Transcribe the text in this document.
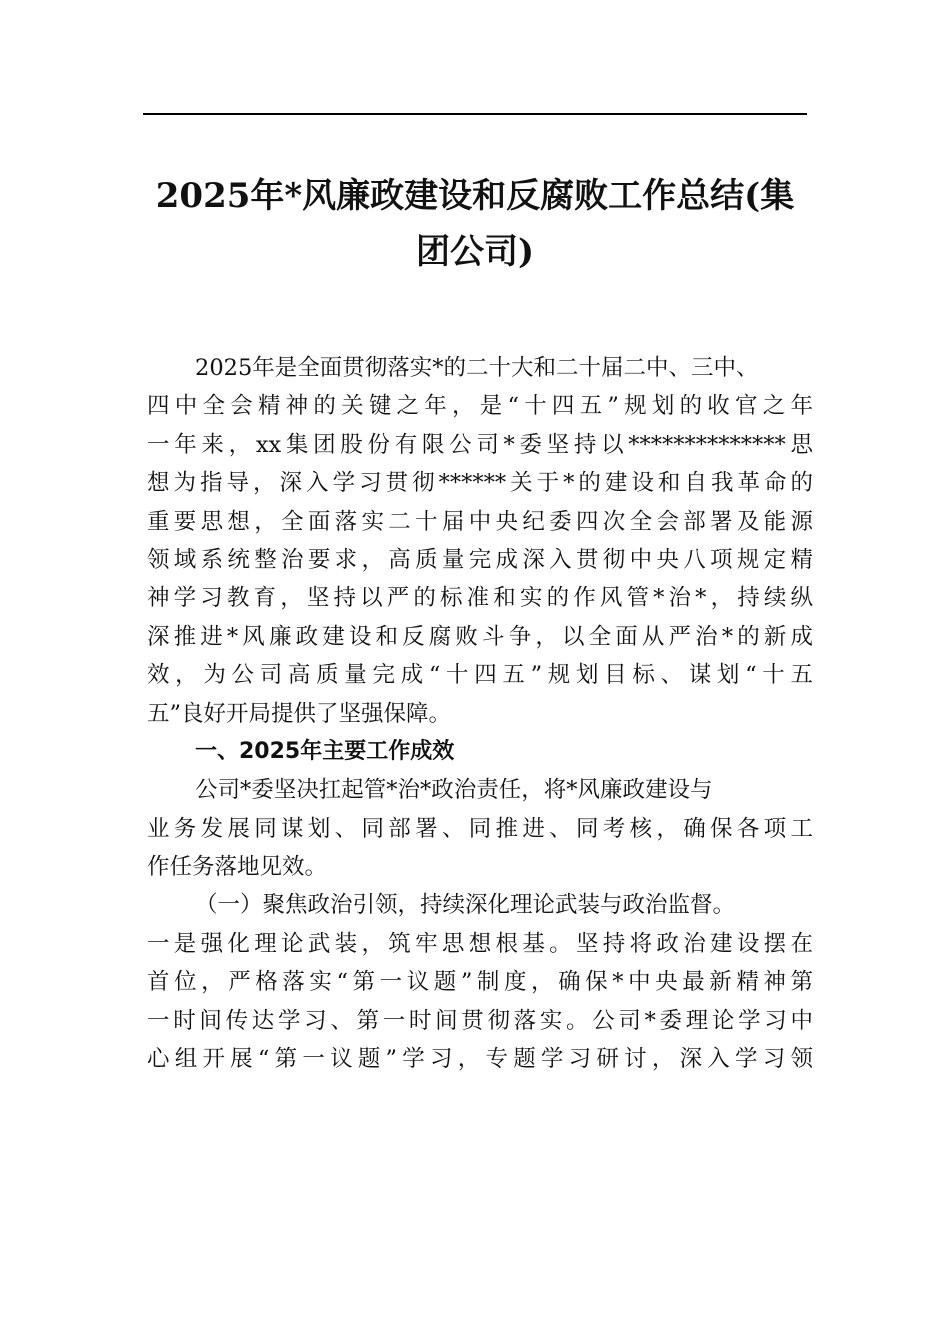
2025年*风廉政建设和反腐败工作总结(集
团公司)
2025年是全面贯彻落实*的二十大和二十届二中、三中、
四中全会精神的关键之年，是“十四五”规划的收官之年
一年来，xx集团股份有限公司*委坚持以**************思
想为指导，深入学习贯彻******关于*的建设和自我革命的
重要思想，全面落实二十届中央纪委四次全会部署及能源
领域系统整治要求，高质量完成深入贯彻中央八项规定精
神学习教育，坚持以严的标准和实的作风管*治*，持续纵
深推进*风廉政建设和反腐败斗争，以全面从严治*的新成
效，为公司高质量完成“十四五”规划目标、谋划“十五
五”良好开局提供了坚强保障。
一、2025年主要工作成效
公司*委坚决扛起管*治*政治责任，将*风廉政建设与
业务发展同谋划、同部署、同推进、同考核，确保各项工
作任务落地见效。
（一）聚焦政治引领，持续深化理论武装与政治监督。
一是强化理论武装，筑牢思想根基。坚持将政治建设摆在
首位，严格落实“第一议题”制度，确保*中央最新精神第
一时间传达学习、第一时间贯彻落实。公司*委理论学习中
心组开展“第一议题”学习，专题学习研讨，深入学习领
